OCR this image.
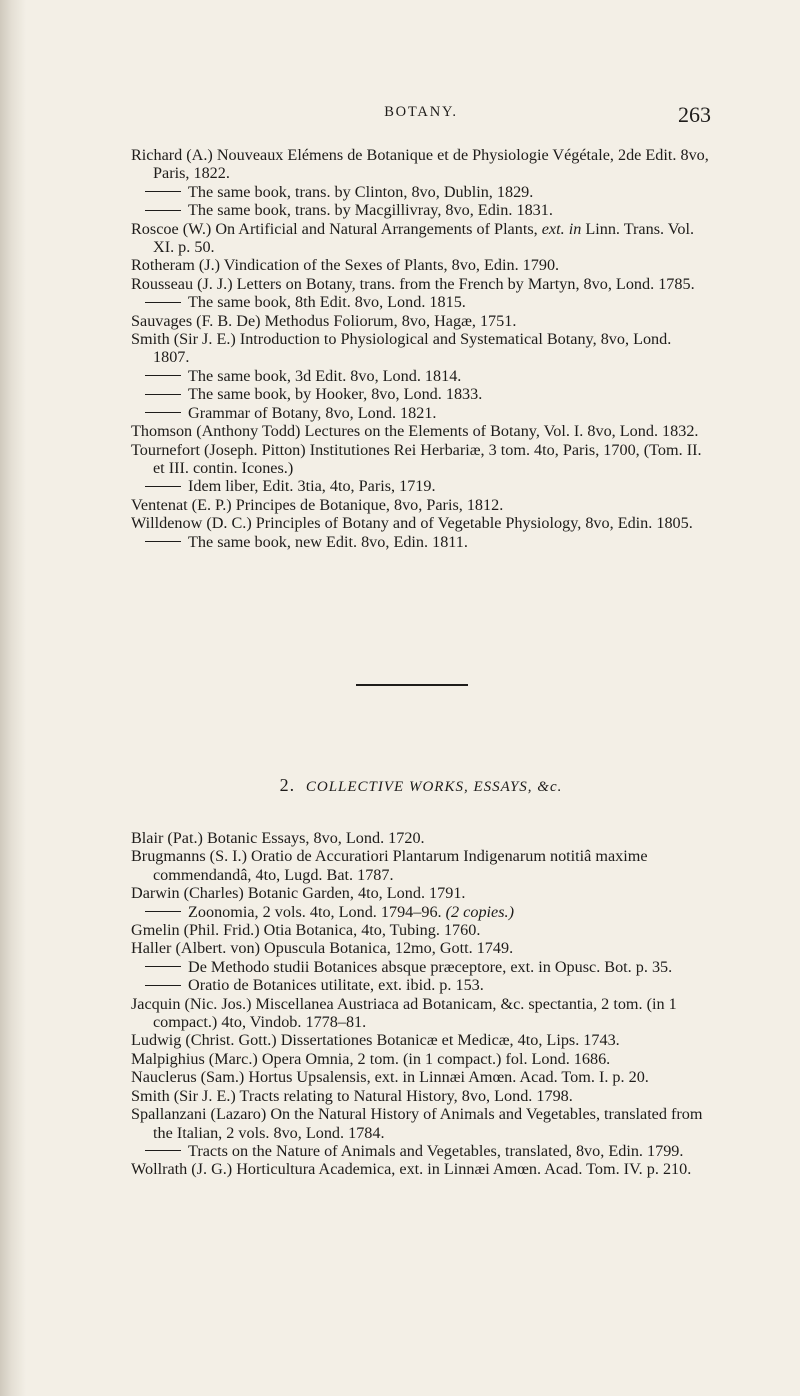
BOTANY.	263

Richard (A.) Nouveaux Elémens de Botanique et de Physiologie Végétale, 2de Edit. 8vo, Paris, 1822.

The same book, trans. by Clinton, 8vo, Dublin, 1829.

The same book, trans. by Macgillivray, 8vo, Edin. 1831.

Roscoe (W.) On Artificial and Natural Arrangements of Plants, ext. in Linn. Trans. Vol. XI. p. 50.

Rotheram (J.) Vindication of the Sexes of Plants, 8vo, Edin. 1790.

Rousseau (J. J.) Letters on Botany, trans. from the French by Martyn, 8vo, Lond. 1785.

The same book, 8th Edit. 8vo, Lond. 1815.

Sauvages (F. B. De) Methodus Foliorum, 8vo, Hagæ, 1751.

Smith (Sir J. E.) Introduction to Physiological and Systematical Botany, 8vo, Lond. 1807.

The same book, 3d Edit. 8vo, Lond. 1814.

The same book, by Hooker, 8vo, Lond. 1833.

Grammar of Botany, 8vo, Lond. 1821.

Thomson (Anthony Todd) Lectures on the Elements of Botany, Vol. I. 8vo, Lond. 1832.

Tournefort (Joseph. Pitton) Institutiones Rei Herbariæ, 3 tom. 4to, Paris, 1700, (Tom. II. et III. contin. Icones.)

Idem liber, Edit. 3tia, 4to, Paris, 1719.

Ventenat (E. P.) Principes de Botanique, 8vo, Paris, 1812.

Willdenow (D. C.) Principles of Botany and of Vegetable Physiology, 8vo, Edin. 1805.

The same book, new Edit. 8vo, Edin. 1811.

2. COLLECTIVE WORKS, ESSAYS, &c.

Blair (Pat.) Botanic Essays, 8vo, Lond. 1720.

Brugmanns (S. I.) Oratio de Accuratiori Plantarum Indigenarum notitiâ maxime commendandâ, 4to, Lugd. Bat. 1787.

Darwin (Charles) Botanic Garden, 4to, Lond. 1791.

Zoonomia, 2 vols. 4to, Lond. 1794–96. (2 copies.)

Gmelin (Phil. Frid.) Otia Botanica, 4to, Tubing. 1760.

Haller (Albert. von) Opuscula Botanica, 12mo, Gott. 1749.

De Methodo studii Botanices absque præceptore, ext. in Opusc. Bot. p. 35.

Oratio de Botanices utilitate, ext. ibid. p. 153.

Jacquin (Nic. Jos.) Miscellanea Austriaca ad Botanicam, &c. spectantia, 2 tom. (in 1 compact.) 4to, Vindob. 1778–81.

Ludwig (Christ. Gott.) Dissertationes Botanicæ et Medicæ, 4to, Lips. 1743.

Malpighius (Marc.) Opera Omnia, 2 tom. (in 1 compact.) fol. Lond. 1686.

Nauclerus (Sam.) Hortus Upsalensis, ext. in Linnæi Amœn. Acad. Tom. I. p. 20.

Smith (Sir J. E.) Tracts relating to Natural History, 8vo, Lond. 1798.

Spallanzani (Lazaro) On the Natural History of Animals and Vegetables, translated from the Italian, 2 vols. 8vo, Lond. 1784.

Tracts on the Nature of Animals and Vegetables, translated, 8vo, Edin. 1799.

Wollrath (J. G.) Horticultura Academica, ext. in Linnæi Amœn. Acad. Tom. IV. p. 210.
